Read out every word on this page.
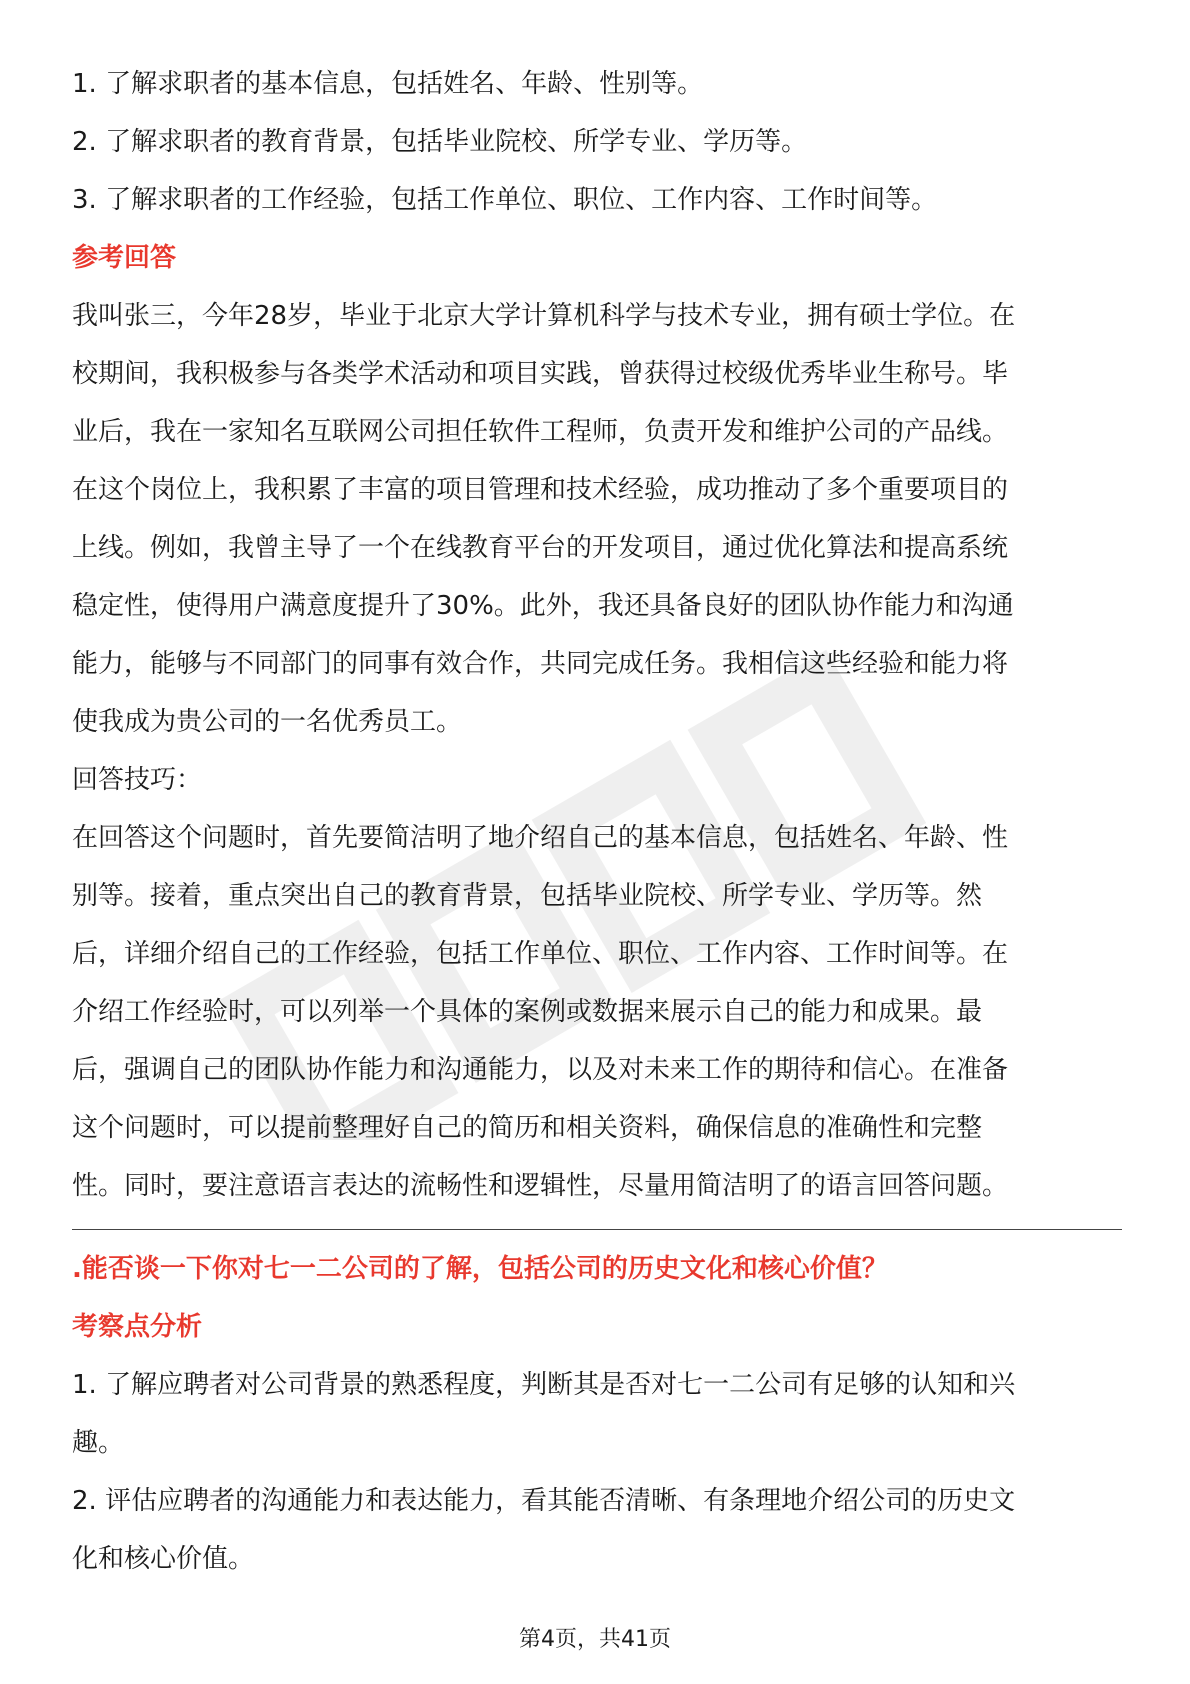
1. 了解求职者的基本信息，包括姓名、年龄、性别等。
2. 了解求职者的教育背景，包括毕业院校、所学专业、学历等。
3. 了解求职者的工作经验，包括工作单位、职位、工作内容、工作时间等。
参考回答
我叫张三，今年28岁，毕业于北京大学计算机科学与技术专业，拥有硕士学位。在
校期间，我积极参与各类学术活动和项目实践，曾获得过校级优秀毕业生称号。毕
业后，我在一家知名互联网公司担任软件工程师，负责开发和维护公司的产品线。
在这个岗位上，我积累了丰富的项目管理和技术经验，成功推动了多个重要项目的
上线。例如，我曾主导了一个在线教育平台的开发项目，通过优化算法和提高系统
稳定性，使得用户满意度提升了30%。此外，我还具备良好的团队协作能力和沟通
能力，能够与不同部门的同事有效合作，共同完成任务。我相信这些经验和能力将
使我成为贵公司的一名优秀员工。
回答技巧：
在回答这个问题时，首先要简洁明了地介绍自己的基本信息，包括姓名、年龄、性
别等。接着，重点突出自己的教育背景，包括毕业院校、所学专业、学历等。然
后，详细介绍自己的工作经验，包括工作单位、职位、工作内容、工作时间等。在
介绍工作经验时，可以列举一个具体的案例或数据来展示自己的能力和成果。最
后，强调自己的团队协作能力和沟通能力，以及对未来工作的期待和信心。在准备
这个问题时，可以提前整理好自己的简历和相关资料，确保信息的准确性和完整
性。同时，要注意语言表达的流畅性和逻辑性，尽量用简洁明了的语言回答问题。
.能否谈一下你对七一二公司的了解，包括公司的历史文化和核心价值？
考察点分析
1. 了解应聘者对公司背景的熟悉程度，判断其是否对七一二公司有足够的认知和兴
趣。
2. 评估应聘者的沟通能力和表达能力，看其能否清晰、有条理地介绍公司的历史文
化和核心价值。
第4页，共41页
